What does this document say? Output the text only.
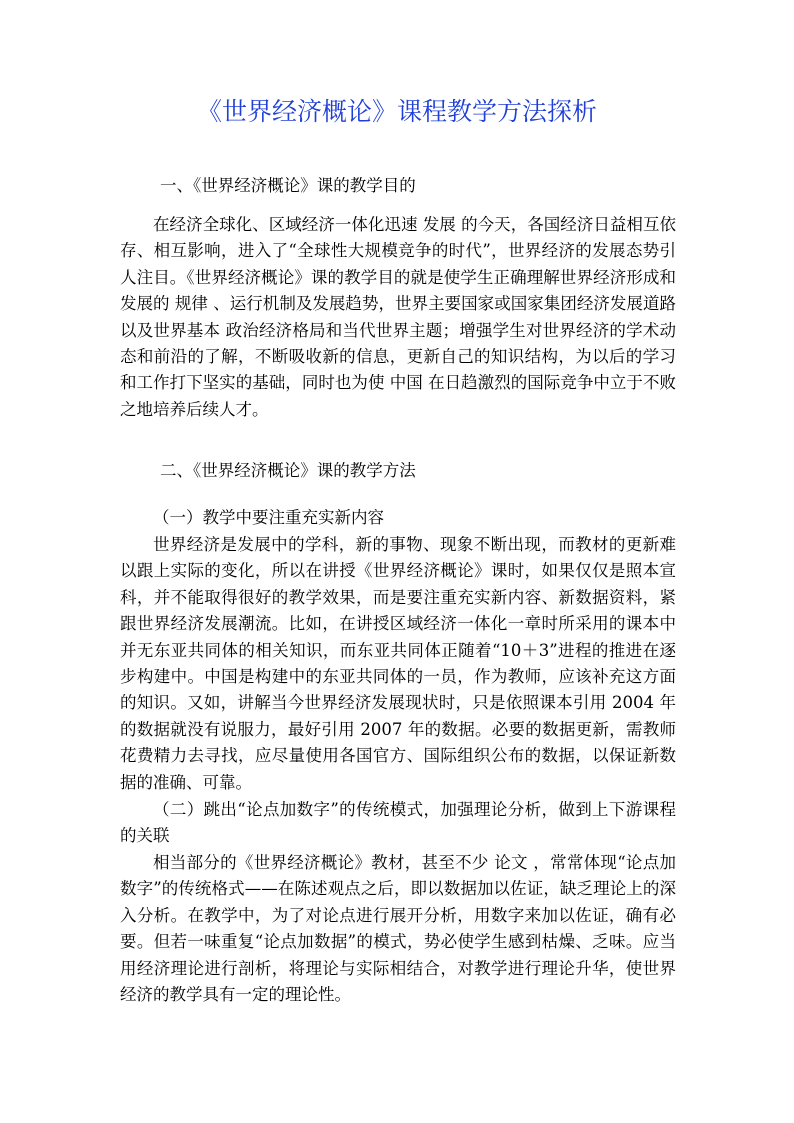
《世界经济概论》课程教学方法探析

一、《世界经济概论》课的教学目的

在经济全球化、区域经济一体化迅速 发展 的今天，各国经济日益相互依存、相互影响，进入了“全球性大规模竞争的时代”，世界经济的发展态势引人注目。《世界经济概论》课的教学目的就是使学生正确理解世界经济形成和发展的 规律 、运行机制及发展趋势，世界主要国家或国家集团经济发展道路以及世界基本 政治经济格局和当代世界主题；增强学生对世界经济的学术动态和前沿的了解，不断吸收新的信息，更新自己的知识结构，为以后的学习和工作打下坚实的基础，同时也为使 中国 在日趋激烈的国际竞争中立于不败之地培养后续人才。

二、《世界经济概论》课的教学方法

（一）教学中要注重充实新内容

世界经济是发展中的学科，新的事物、现象不断出现，而教材的更新难以跟上实际的变化，所以在讲授《世界经济概论》课时，如果仅仅是照本宣科，并不能取得很好的教学效果，而是要注重充实新内容、新数据资料，紧跟世界经济发展潮流。比如，在讲授区域经济一体化一章时所采用的课本中并无东亚共同体的相关知识，而东亚共同体正随着“10＋3”进程的推进在逐步构建中。中国是构建中的东亚共同体的一员，作为教师，应该补充这方面的知识。又如，讲解当今世界经济发展现状时，只是依照课本引用 2004 年的数据就没有说服力，最好引用 2007 年的数据。必要的数据更新，需教师花费精力去寻找，应尽量使用各国官方、国际组织公布的数据，以保证新数据的准确、可靠。

（二）跳出“论点加数字”的传统模式，加强理论分析，做到上下游课程的关联

相当部分的《世界经济概论》教材，甚至不少 论文 ，常常体现“论点加数字”的传统格式——在陈述观点之后，即以数据加以佐证，缺乏理论上的深入分析。在教学中，为了对论点进行展开分析，用数字来加以佐证，确有必要。但若一味重复“论点加数据”的模式，势必使学生感到枯燥、乏味。应当用经济理论进行剖析，将理论与实际相结合，对教学进行理论升华，使世界经济的教学具有一定的理论性。
